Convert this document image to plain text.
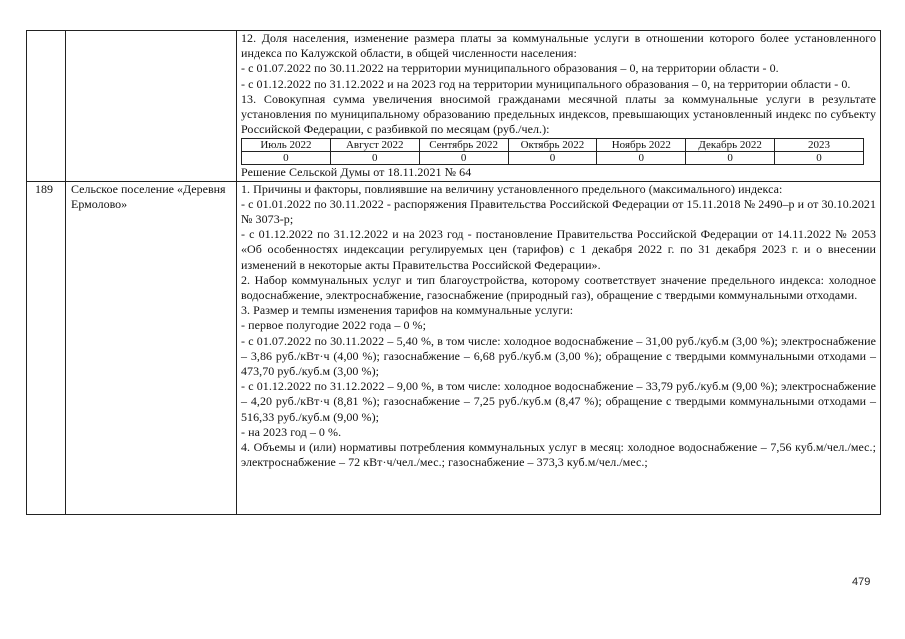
12. Доля населения, изменение размера платы за коммунальные услуги в отношении которого более установленного индекса по Калужской области, в общей численности населения:

- с 01.07.2022 по 30.11.2022 на территории муниципального образования – 0, на территории области - 0.

- с 01.12.2022 по 31.12.2022 и на 2023 год на территории муниципального образования – 0, на территории области - 0.

13. Совокупная сумма увеличения вносимой гражданами месячной платы за коммунальные услуги в результате установления по муниципальному образованию предельных индексов, превышающих установленный индекс по субъекту Российской Федерации, с разбивкой по месяцам (руб./чел.):

Июль 2022	Август 2022	Сентябрь 2022	Октябрь 2022	Ноябрь 2022	Декабрь 2022	2023
0	0	0	0	0	0	0

Решение Сельской Думы от 18.11.2021 № 64

189	Сельское поселение «Деревня Ермолово»

1. Причины и факторы, повлиявшие на величину установленного предельного (максимального) индекса:

- с 01.01.2022 по 30.11.2022 - распоряжения Правительства Российской Федерации от 15.11.2018 № 2490–р и от 30.10.2021 № 3073-р;

- с 01.12.2022 по 31.12.2022 и на 2023 год - постановление Правительства Российской Федерации от 14.11.2022 № 2053 «Об особенностях индексации регулируемых цен (тарифов) с 1 декабря 2022 г. по 31 декабря 2023 г. и о внесении изменений в некоторые акты Правительства Российской Федерации».

2. Набор коммунальных услуг и тип благоустройства, которому соответствует значение предельного индекса: холодное водоснабжение, электроснабжение, газоснабжение (природный газ), обращение с твердыми коммунальными отходами.

3. Размер и темпы изменения тарифов на коммунальные услуги:

- первое полугодие 2022 года – 0 %;

- с 01.07.2022 по 30.11.2022 – 5,40 %, в том числе: холодное водоснабжение – 31,00 руб./куб.м (3,00 %); электроснабжение – 3,86 руб./кВт·ч (4,00 %); газоснабжение – 6,68 руб./куб.м (3,00 %); обращение с твердыми коммунальными отходами – 473,70 руб./куб.м (3,00 %);

- с 01.12.2022 по 31.12.2022 – 9,00 %, в том числе: холодное водоснабжение – 33,79 руб./куб.м (9,00 %); электроснабжение – 4,20 руб./кВт·ч (8,81 %); газоснабжение – 7,25 руб./куб.м (8,47 %); обращение с твердыми коммунальными отходами – 516,33 руб./куб.м (9,00 %);

- на 2023 год – 0 %.

4. Объемы и (или) нормативы потребления коммунальных услуг в месяц: холодное водоснабжение – 7,56 куб.м/чел./мес.; электроснабжение – 72 кВт·ч/чел./мес.; газоснабжение – 373,3 куб.м/чел./мес.;

479
